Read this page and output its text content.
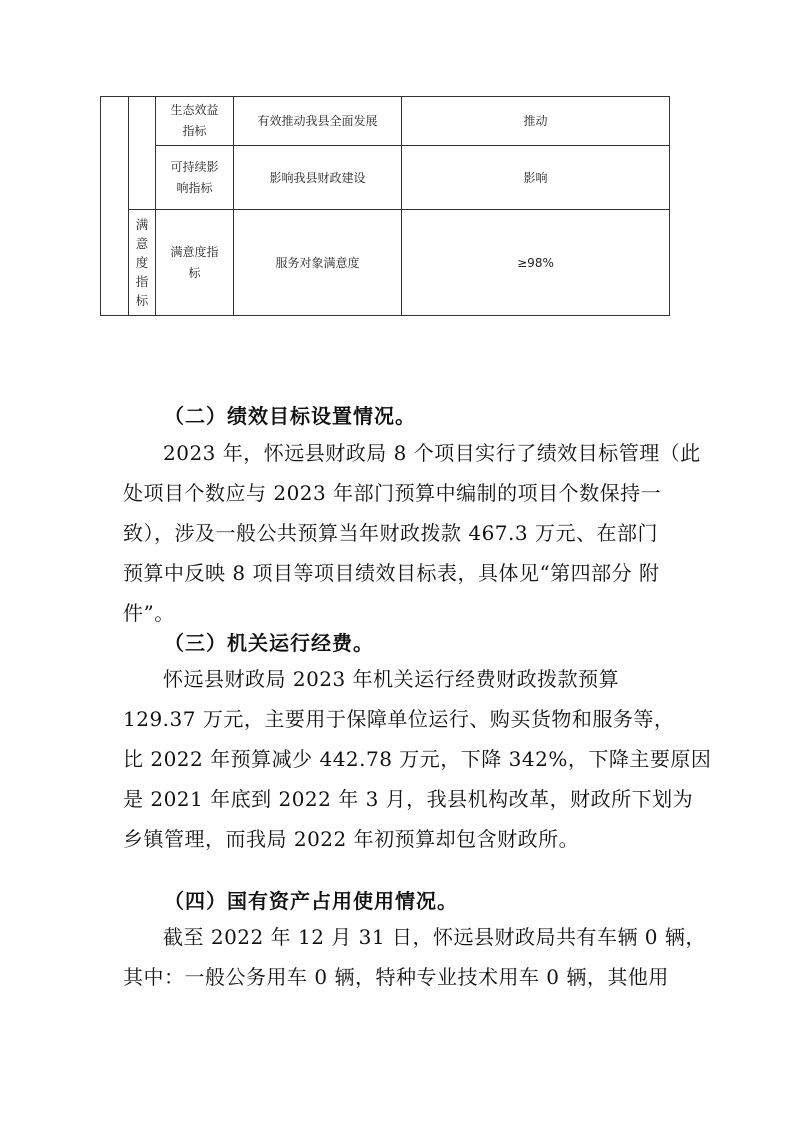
		生态效益指标	有效推动我县全面发展	推动
		可持续影响指标	影响我县财政建设	影响
	满意度指标	满意度指标	服务对象满意度	≥98%
（二）绩效目标设置情况。
2023 年，怀远县财政局 8 个项目实行了绩效目标管理（此
处项目个数应与 2023 年部门预算中编制的项目个数保持一
致），涉及一般公共预算当年财政拨款 467.3 万元、在部门
预算中反映 8 项目等项目绩效目标表，具体见“第四部分 附
件”。
（三）机关运行经费。
怀远县财政局 2023 年机关运行经费财政拨款预算
129.37 万元，主要用于保障单位运行、购买货物和服务等，
比 2022 年预算减少 442.78 万元，下降 342%，下降主要原因
是 2021 年底到 2022 年 3 月，我县机构改革，财政所下划为
乡镇管理，而我局 2022 年初预算却包含财政所。
（四）国有资产占用使用情况。
截至 2022 年 12 月 31 日，怀远县财政局共有车辆 0 辆，
其中：一般公务用车 0 辆，特种专业技术用车 0 辆，其他用
